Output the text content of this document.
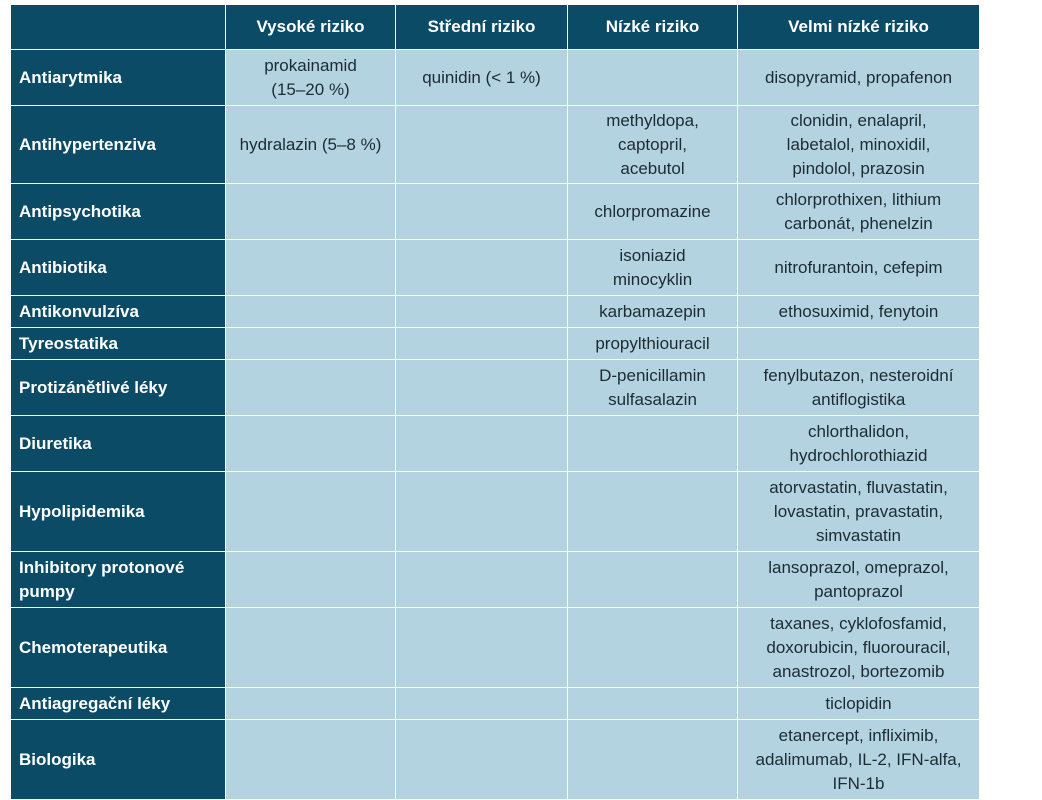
	Vysoké riziko	Střední riziko	Nízké riziko	Velmi nízké riziko
Antiarytmika	prokainamid
(15–20 %)	quinidin (< 1 %)		disopyramid, propafenon
Antihypertenziva	hydralazin (5–8 %)		methyldopa,
captopril,
acebutol	clonidin, enalapril,
labetalol, minoxidil,
pindolol, prazosin
Antipsychotika			chlorpromazine	chlorprothixen, lithium
carbonát, phenelzin
Antibiotika			isoniazid
minocyklin	nitrofurantoin, cefepim
Antikonvulzíva			karbamazepin	ethosuximid, fenytoin
Tyreostatika			propylthiouracil	
Protizánětlivé léky			D-penicillamin
sulfasalazin	fenylbutazon, nesteroidní
antiflogistika
Diuretika				chlorthalidon,
hydrochlorothiazid
Hypolipidemika				atorvastatin, fluvastatin,
lovastatin, pravastatin,
simvastatin
Inhibitory protonové
pumpy				lansoprazol, omeprazol,
pantoprazol
Chemoterapeutika				taxanes, cyklofosfamid,
doxorubicin, fluorouracil,
anastrozol, bortezomib
Antiagregační léky				ticlopidin
Biologika				etanercept, infliximib,
adalimumab, IL-2, IFN-alfa,
IFN-1b
